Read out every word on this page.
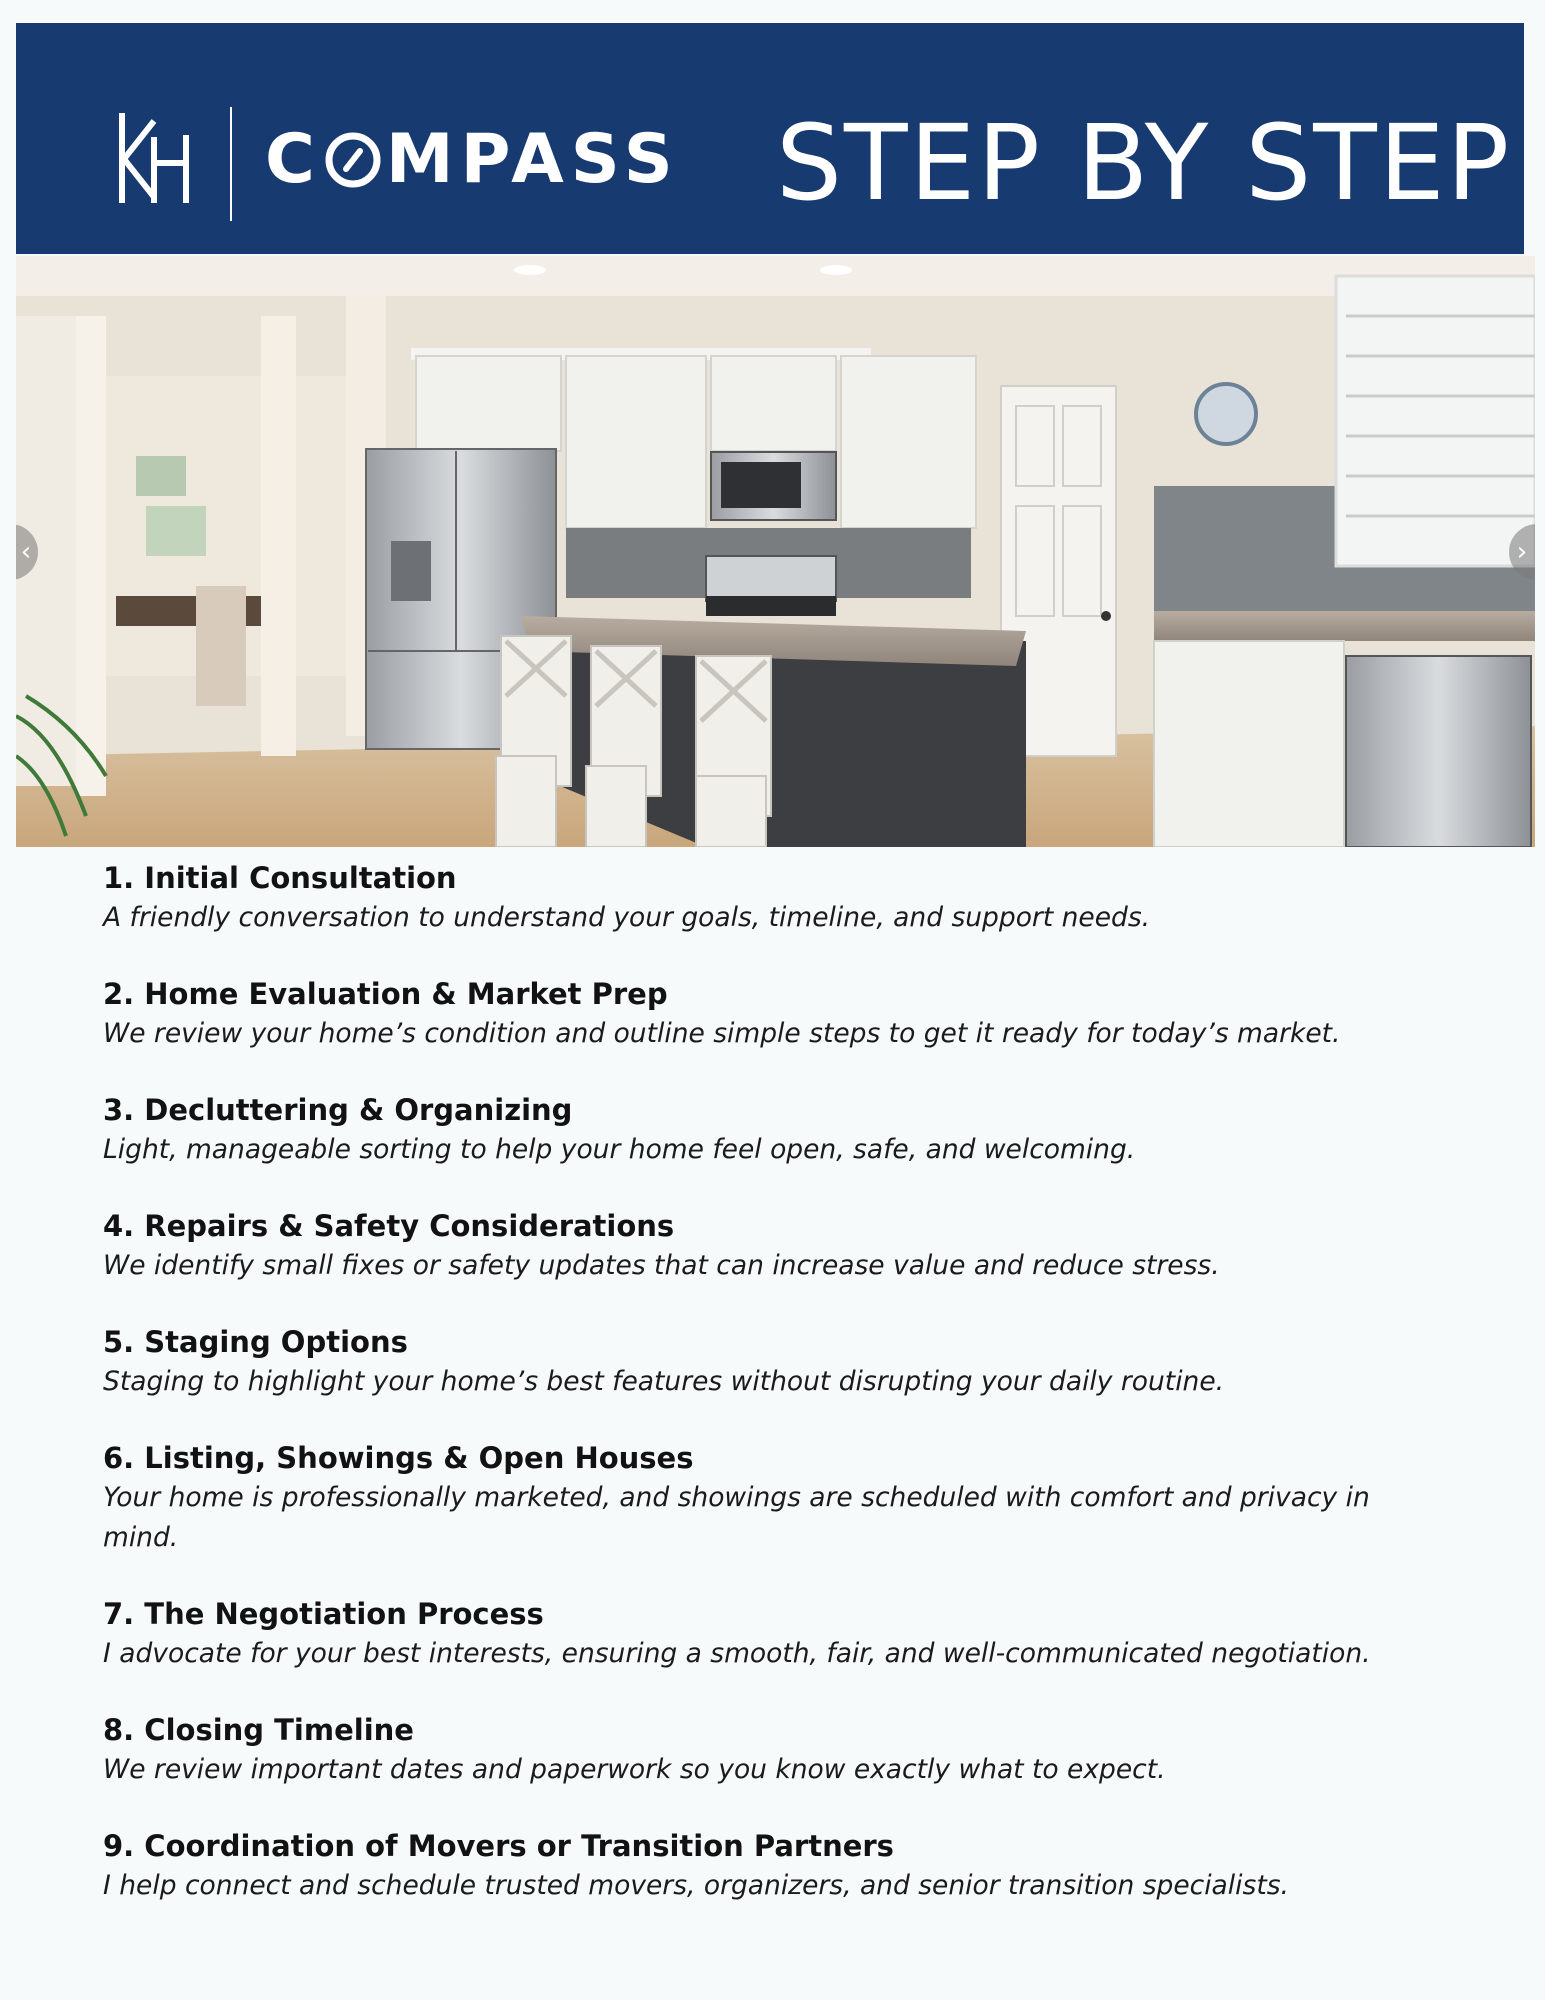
C MPASS STEP BY STEP
‹	›
1. Initial Consultation
A friendly conversation to understand your goals, timeline, and support needs.
2. Home Evaluation & Market Prep
We review your home’s condition and outline simple steps to get it ready for today’s market.
3. Decluttering & Organizing
Light, manageable sorting to help your home feel open, safe, and welcoming.
4. Repairs & Safety Considerations
We identify small fixes or safety updates that can increase value and reduce stress.
5. Staging Options
Staging to highlight your home’s best features without disrupting your daily routine.
6. Listing, Showings & Open Houses
Your home is professionally marketed, and showings are scheduled with comfort and privacy in mind.
7. The Negotiation Process
I advocate for your best interests, ensuring a smooth, fair, and well-communicated negotiation.
8. Closing Timeline
We review important dates and paperwork so you know exactly what to expect.
9. Coordination of Movers or Transition Partners
I help connect and schedule trusted movers, organizers, and senior transition specialists.
